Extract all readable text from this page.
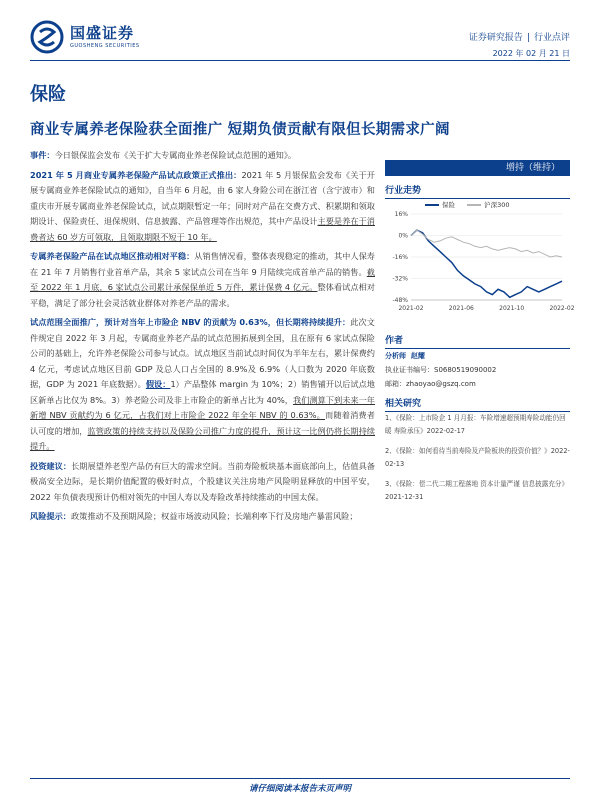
国盛证券
GUOSHENG SECURITIES
证券研究报告 | 行业点评
2022 年 02 月 21 日
保险
商业专属养老保险获全面推广 短期负债贡献有限但长期需求广阔

事件：今日银保监会发布《关于扩大专属商业养老保险试点范围的通知》。

2021 年 5 月商业专属养老保险产品试点政策正式推出：2021 年 5 月银保监会发布《关于开展专属商业养老保险试点的通知》，自当年 6 月起，由 6 家人身险公司在浙江省（含宁波市）和重庆市开展专属商业养老保险试点，试点期限暂定一年；同时对产品在交费方式、积累期和领取期设计、保险责任、退保规则、信息披露、产品管理等作出规范，其中产品设计主要是养在于消费者达 60 岁方可领取，且领取期限不短于 10 年。

专属养老保险产品在试点地区推动相对平稳：从销售情况看，整体表现稳定的推动，其中人保寿在 21 年 7 月销售行业首单产品，其余 5 家试点公司在当年 9 月陆续完成首单产品的销售。截至 2022 年 1 月底，6 家试点公司累计承保保单近 5 万件，累计保费 4 亿元。整体看试点相对平稳，满足了部分社会灵活就业群体对养老产品的需求。

试点范围全面推广，预计对当年上市险企 NBV 的贡献为 0.63%，但长期将持续提升：此次文件规定自 2022 年 3 月起，专属商业养老产品的试点范围拓展到全国，且在原有 6 家试点保险公司的基础上，允许养老保险公司参与试点。试点地区当前试点时间仅为半年左右，累计保费约 4 亿元，考虑试点地区目前 GDP 及总人口占全国的 8.9%及 6.9%（人口数为 2020 年底数据，GDP 为 2021 年底数据）。假设：1）产品整体 margin 为 10%；2）销售铺开以后试点地区新单占比仅为 8%。3）养老险公司及非上市险企的新单占比为 40%，我们测算下到未来一年新增 NBV 贡献约为 6 亿元，占我们对上市险企 2022 年全年 NBV 的 0.63%。而随着消费者认可度的增加，监管政策的持续支持以及保险公司推广力度的提升，预计这一比例仍将长期持续提升。

投资建议：长期展望养老型产品仍有巨大的需求空间。当前寿险板块基本面底部向上，估值具备极高安全边际，是长期价值配置的极好时点，个股建议关注房地产风险明显释放的中国平安，2022 年负债表现预计仍相对领先的中国人寿以及寿险改革持续推动的中国太保。

风险提示：政策推动不及预期风险；权益市场波动风险；长端利率下行及房地产暴雷风险；

增持（维持）
行业走势
保险	沪深300
16%
0%
-16%
-32%
-48%
2021-02	2021-06	2021-10	2022-02
作者
分析师 赵耀
执业证书编号：S0680519090002
邮箱：zhaoyao@gszq.com
相关研究

1、《保险：上市险企 1 月月报：车险增速超预期寿险动能仍回暖 寿险承压》2022-02-17

2、《保险：如何看待当前寿险及产险板块的投资价值？》2022-02-13

3、《保险：偿二代二期工程落地 资本计量严谨 信息披露充分》2021-12-31

请仔细阅读本报告末页声明
